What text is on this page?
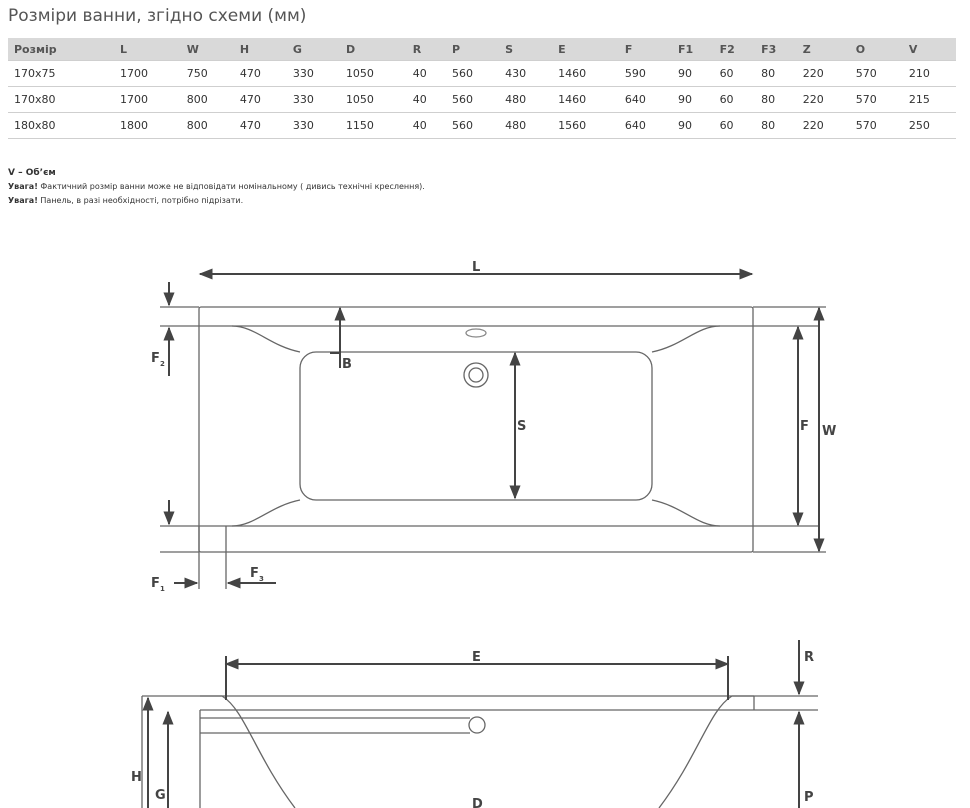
Розміри ванни, згідно схеми (мм)
Розмір	L	W	H	G	D	R	P	S	E	F	F1	F2	F3	Z	O	V
170x75	1700	750	470	330	1050	40	560	430	1460	590	90	60	80	220	570	210
170x80	1700	800	470	330	1050	40	560	480	1460	640	90	60	80	220	570	215
180x80	1800	800	470	330	1150	40	560	480	1560	640	90	60	80	220	570	250
V – Об’єм
Увага! Фактичний розмір ванни може не відповідати номінальному ( дивись технічні креслення).
Увага! Панель, в разі необхідності, потрібно підрізати.
L
B
S	F W
F 2
F 1
F 3
E	R
H
G
D	P
